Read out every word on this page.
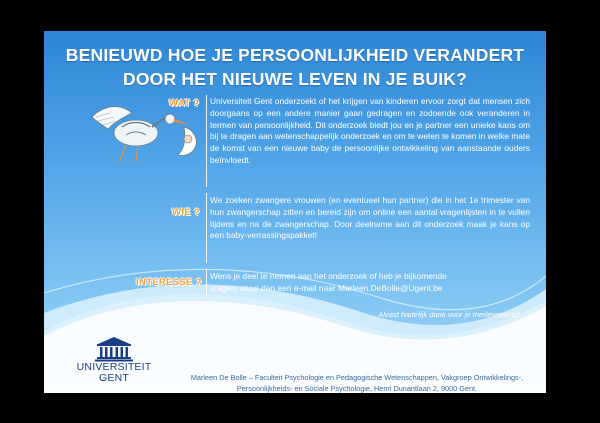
BENIEUWD HOE JE PERSOONLIJKHEID VERANDERT
DOOR HET NIEUWE LEVEN IN JE BUIK?
WAT ? Universiteit Gent onderzoekt of het krijgen van kinderen ervoor zorgt dat mensen zich doorgaans op een andere manier gaan gedragen en zodoende ook veranderen in termen van persoonlijkheid. Dit onderzoek biedt jou en je partner een unieke kans om bij te dragen aan wetenschappelijk onderzoek en om te weten te komen in welke mate de komst van een nieuwe baby de persoonlijke ontwikkeling van aanstaande ouders beïnvloedt.

WIE ?

We zoeken zwangere vrouwen (en eventueel hun partner) die in het 1e trimester van hun zwangerschap zitten en bereid zijn om online een aantal vragenlijsten in te vullen tijdens en na de zwangerschap. Door deelname aan dit onderzoek maak je kans op een baby-verrassingspakket!

INTERESSE ?
Wens je deel te nemen aan het onderzoek of heb je bijkomende
vragen, stuur dan een e-mail naar Marleen.DeBolle@Ugent.be
Alvast hartelijk dank voor je medewerking!
UNIVERSITEIT
GENT	Marleen De Bolle – Faculteit Psychologie en Pedagogische Wetenschappen, Vakgroep Ontwikkelings-,
Persoonlijkheids- en Sociale Psychologie, Henri Dunantlaan 2, 9000 Gent.
